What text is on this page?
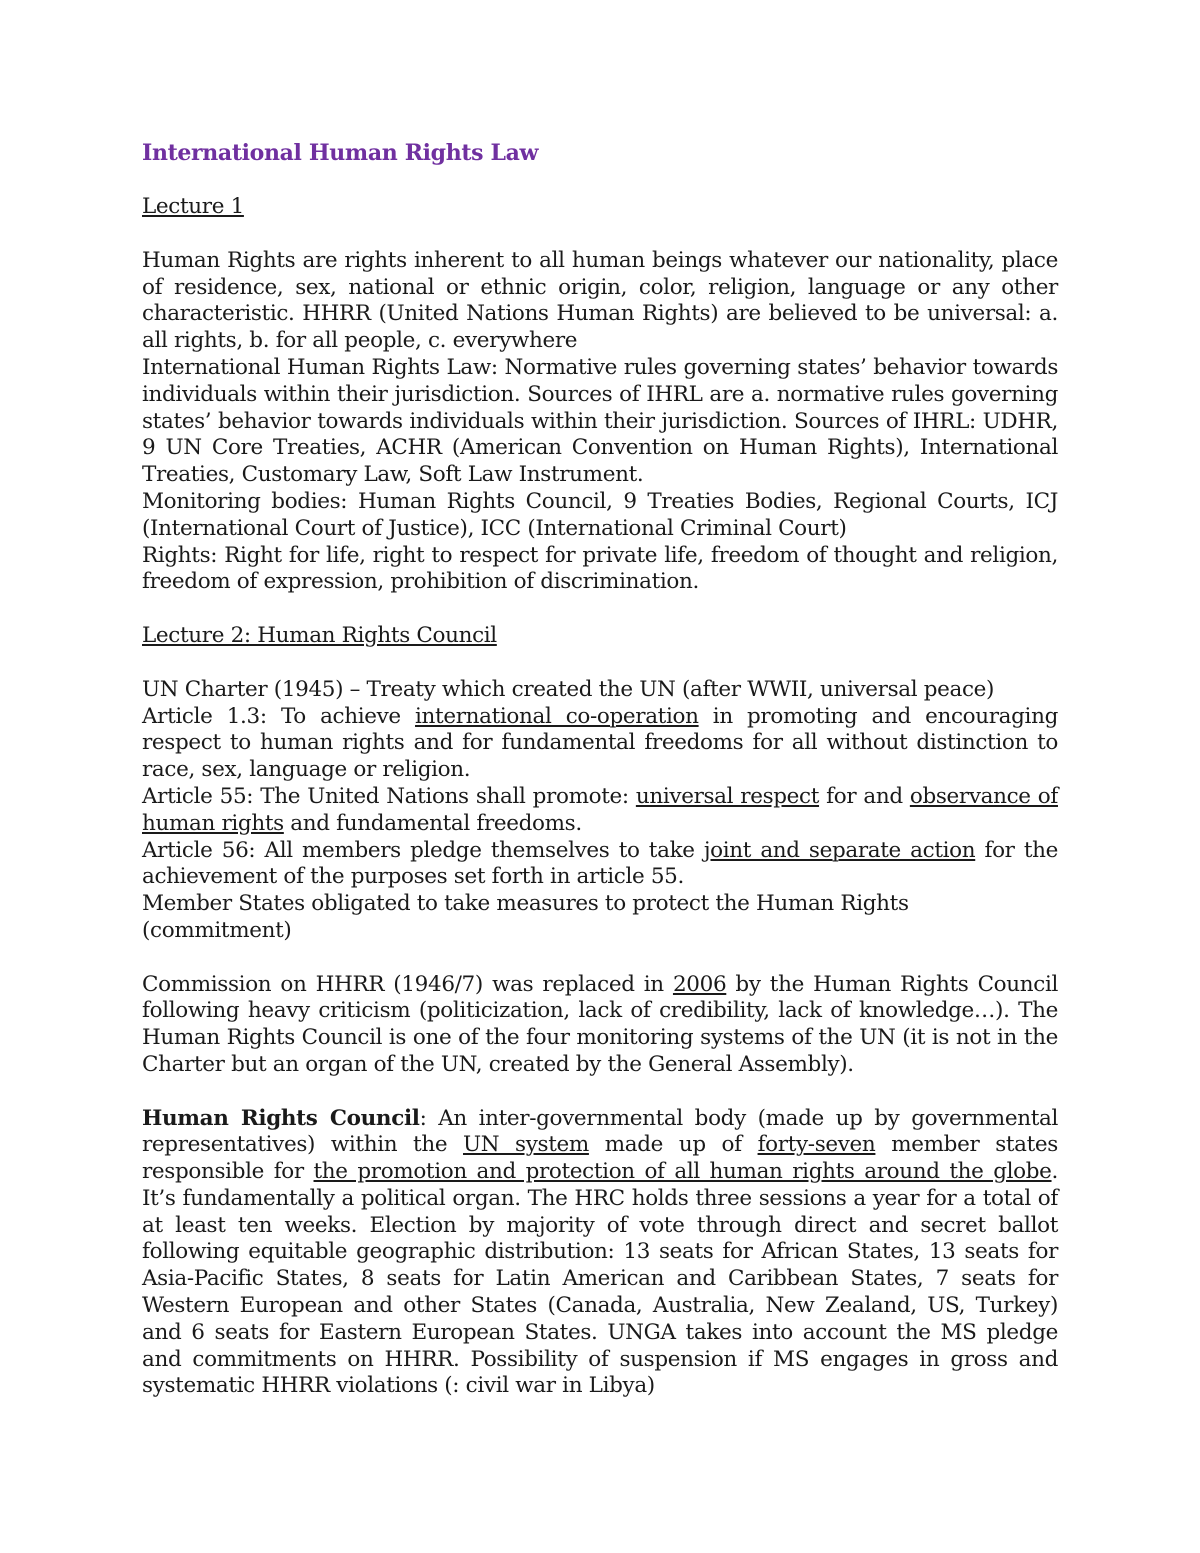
International Human Rights Law
Lecture 1

Human Rights are rights inherent to all human beings whatever our nationality, place of residence, sex, national or ethnic origin, color, religion, language or any other characteristic. HHRR (United Nations Human Rights) are believed to be universal: a. all rights, b. for all people, c. everywhere

International Human Rights Law: Normative rules governing states’ behavior towards individuals within their jurisdiction. Sources of IHRL are a. normative rules governing states’ behavior towards individuals within their jurisdiction. Sources of IHRL: UDHR, 9 UN Core Treaties, ACHR (American Convention on Human Rights), International Treaties, Customary Law, Soft Law Instrument.

Monitoring bodies: Human Rights Council, 9 Treaties Bodies, Regional Courts, ICJ (International Court of Justice), ICC (International Criminal Court)

Rights: Right for life, right to respect for private life, freedom of thought and religion, freedom of expression, prohibition of discrimination.

Lecture 2: Human Rights Council

UN Charter (1945) – Treaty which created the UN (after WWII, universal peace)

Article 1.3: To achieve international co-operation in promoting and encouraging respect to human rights and for fundamental freedoms for all without distinction to race, sex, language or religion.

Article 55: The United Nations shall promote: universal respect for and observance of human rights and fundamental freedoms.

Article 56: All members pledge themselves to take joint and separate action for the achievement of the purposes set forth in article 55.

Member States obligated to take measures to protect the Human Rights (commitment)

Commission on HHRR (1946/7) was replaced in 2006 by the Human Rights Council following heavy criticism (politicization, lack of credibility, lack of knowledge…). The Human Rights Council is one of the four monitoring systems of the UN (it is not in the Charter but an organ of the UN, created by the General Assembly).

Human Rights Council: An inter-governmental body (made up by governmental representatives) within the UN system made up of forty-seven member states responsible for the promotion and protection of all human rights around the globe. It’s fundamentally a political organ. The HRC holds three sessions a year for a total of at least ten weeks. Election by majority of vote through direct and secret ballot following equitable geographic distribution: 13 seats for African States, 13 seats for Asia-Pacific States, 8 seats for Latin American and Caribbean States, 7 seats for Western European and other States (Canada, Australia, New Zealand, US, Turkey) and 6 seats for Eastern European States. UNGA takes into account the MS pledge and commitments on HHRR. Possibility of suspension if MS engages in gross and systematic HHRR violations (: civil war in Libya)
